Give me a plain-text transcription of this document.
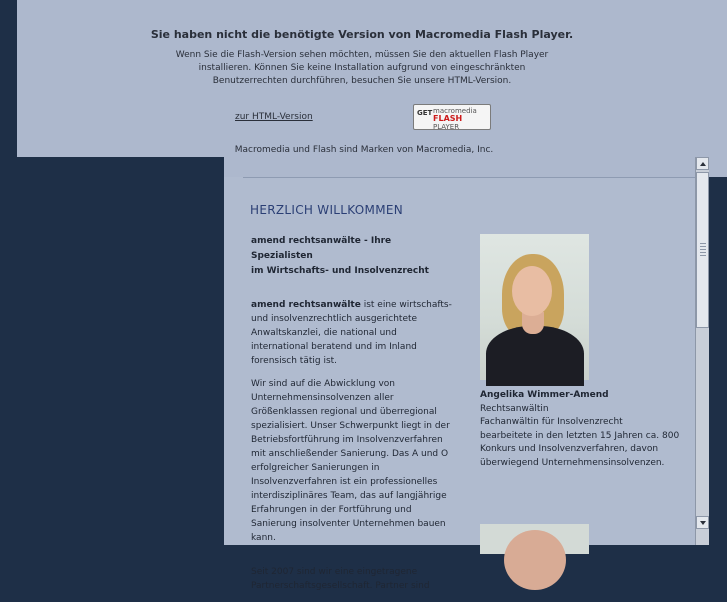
Sie haben nicht die benötigte Version von Macromedia Flash Player.
Wenn Sie die Flash-Version sehen möchten, müssen Sie den aktuellen Flash Player
installieren. Können Sie keine Installation aufgrund von eingeschränkten
Benutzerrechten durchführen, besuchen Sie unsere HTML-Version.
zur HTML-Version	GET macromedia
FLASH
PLAYER
Macromedia und Flash sind Marken von Macromedia, Inc.
HERZLICH WILLKOMMEN

amend rechtsanwälte - Ihre Spezialisten
im Wirtschafts- und Insolvenzrecht

amend rechtsanwälte ist eine wirtschafts- und insolvenzrechtlich ausgerichtete Anwaltskanzlei, die national und international beratend und im Inland forensisch tätig ist.

Wir sind auf die Abwicklung von Unternehmensinsolvenzen aller Größenklassen regional und überregional spezialisiert. Unser Schwerpunkt liegt in der Betriebsfortführung im Insolvenzverfahren mit anschließender Sanierung. Das A und O erfolgreicher Sanierungen in Insolvenzverfahren ist ein professionelles interdisziplinäres Team, das auf langjährige Erfahrungen in der Fortführung und Sanierung insolventer Unternehmen bauen kann.

Seit 2007 sind wir eine eingetragene Partnerschaftsgesellschaft. Partner sind

Angelika Wimmer-Amend
Rechtsanwältin
Fachanwältin für Insolvenzrecht
bearbeitete in den letzten 15 Jahren ca. 800
Konkurs und Insolvenzverfahren, davon
überwiegend Unternehmensinsolvenzen.
